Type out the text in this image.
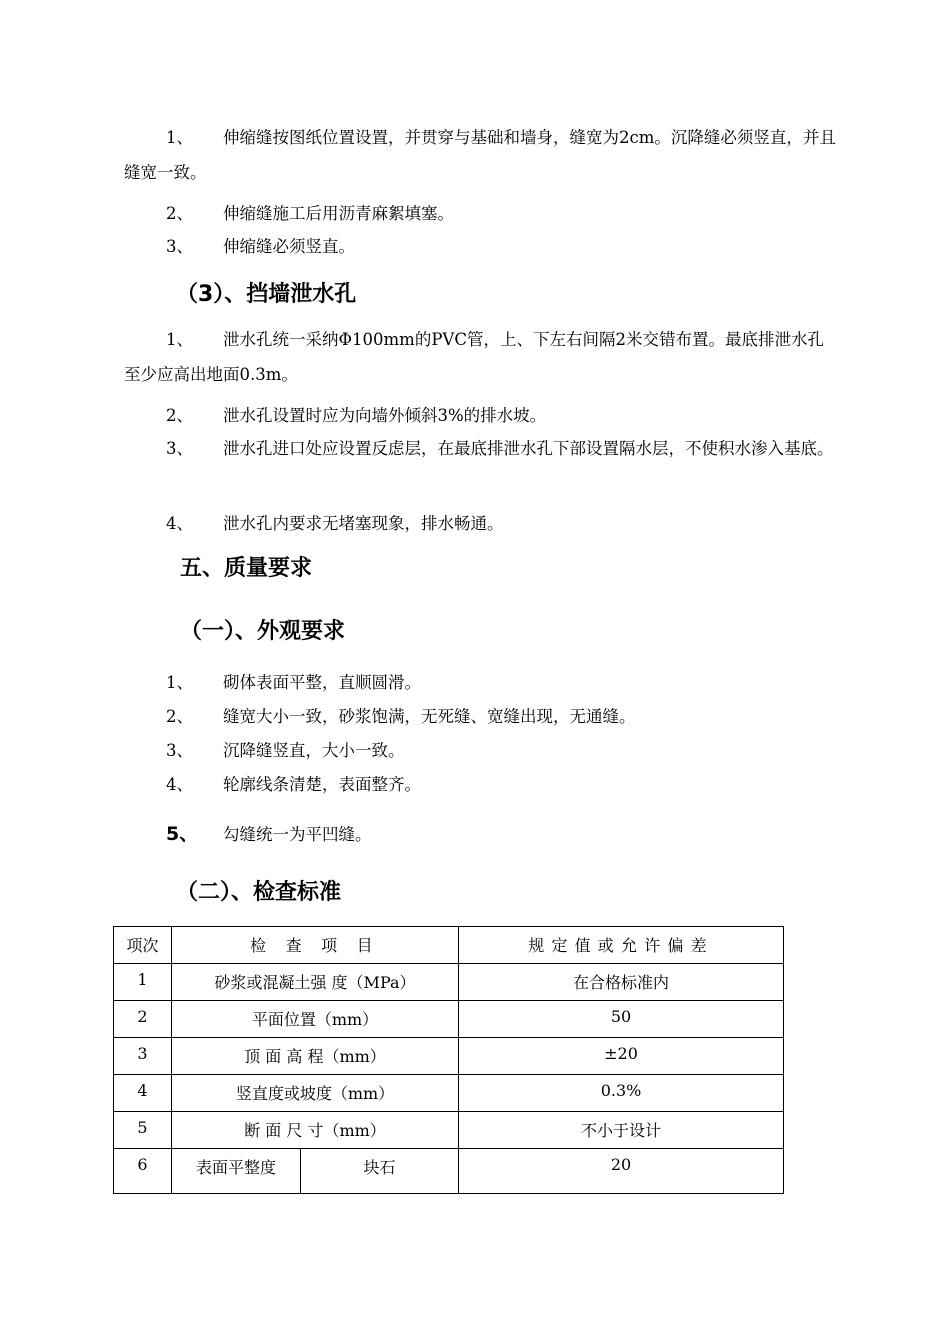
1、 伸缩缝按图纸位置设置，并贯穿与基础和墙身，缝宽为2cm。沉降缝必须竖直，并且缝宽一致。
2、 伸缩缝施工后用沥青麻絮填塞。
3、 伸缩缝必须竖直。
（3）、挡墙泄水孔
1、 泄水孔统一采纳Φ100mm的PVC管，上、下左右间隔2米交错布置。最底排泄水孔至少应高出地面0.3m。
2、 泄水孔设置时应为向墙外倾斜3%的排水坡。
3、 泄水孔进口处应设置反虑层，在最底排泄水孔下部设置隔水层，不使积水渗入基底。
4、 泄水孔内要求无堵塞现象，排水畅通。
五、质量要求
（一）、外观要求
1、 砌体表面平整，直顺圆滑。
2、 缝宽大小一致，砂浆饱满，无死缝、宽缝出现，无通缝。
3、 沉降缝竖直，大小一致。
4、 轮廓线条清楚，表面整齐。
5、 勾缝统一为平凹缝。
（二）、检查标准
项次	检 查 项 目		规定值或允许偏差
1	砂浆或混凝土强 度（MPa）		在合格标准内
2	平面位置（mm）		50
3	顶 面 高 程（mm）		±20
4	竖直度或坡度（mm）		0.3%
5	断 面 尺 寸（mm）		不小于设计
6	表面平整度	块石	20
